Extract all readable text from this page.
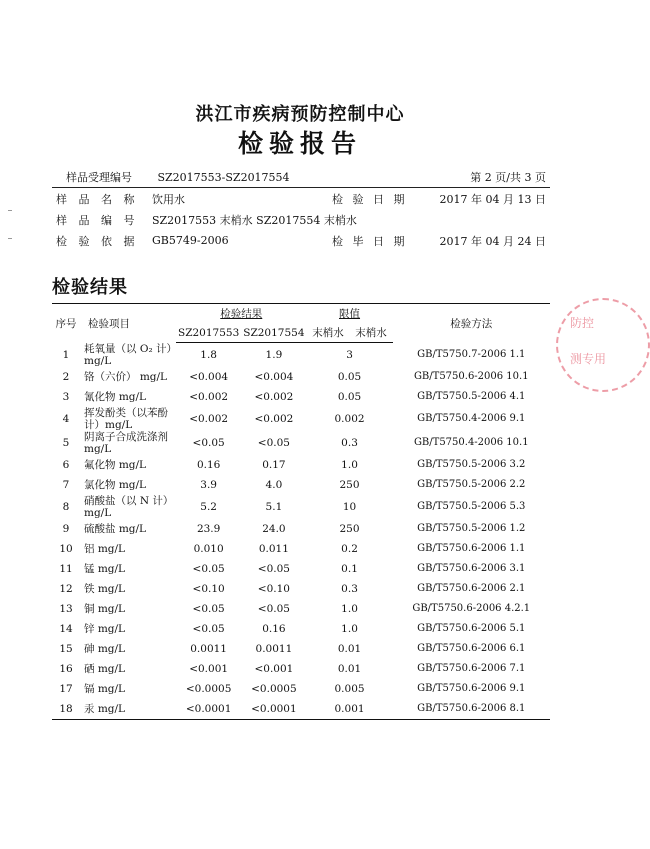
洪江市疾病预防控制中心
检验报告
样品受理编号 SZ2017553-SZ2017554		第 2 页/共 3 页	
样 品 名 称	饮用水	检 验 日 期	2017 年 04 月 13 日
样 品 编 号	SZ2017553 末梢水 SZ2017554 末梢水		
检 验 依 据	GB5749-2006	检 毕 日 期	2017 年 04 月 24 日
检验结果
序号	检验项目	检验结果		限值		检验方法
		SZ2017553	SZ2017554	末梢水	末梢水	
1	耗氧量（以 O₂ 计）mg/L	1.8	1.9	3		GB/T5750.7-2006 1.1
2	铬（六价） mg/L	<0.004	<0.004	0.05		GB/T5750.6-2006 10.1
3	氰化物 mg/L	<0.002	<0.002	0.05		GB/T5750.5-2006 4.1
4	挥发酚类（以苯酚计）mg/L	<0.002	<0.002	0.002		GB/T5750.4-2006 9.1
5	阴离子合成洗涤剂 mg/L	<0.05	<0.05	0.3		GB/T5750.4-2006 10.1
6	氟化物 mg/L	0.16	0.17	1.0		GB/T5750.5-2006 3.2
7	氯化物 mg/L	3.9	4.0	250		GB/T5750.5-2006 2.2
8	硝酸盐（以 N 计）mg/L	5.2	5.1	10		GB/T5750.5-2006 5.3
9	硫酸盐 mg/L	23.9	24.0	250		GB/T5750.5-2006 1.2
10	铝 mg/L	0.010	0.011	0.2		GB/T5750.6-2006 1.1
11	锰 mg/L	<0.05	<0.05	0.1		GB/T5750.6-2006 3.1
12	铁 mg/L	<0.10	<0.10	0.3		GB/T5750.6-2006 2.1
13	铜 mg/L	<0.05	<0.05	1.0		GB/T5750.6-2006 4.2.1
14	锌 mg/L	<0.05	0.16	1.0		GB/T5750.6-2006 5.1
15	砷 mg/L	0.0011	0.0011	0.01		GB/T5750.6-2006 6.1
16	硒 mg/L	<0.001	<0.001	0.01		GB/T5750.6-2006 7.1
17	镉 mg/L	<0.0005	<0.0005	0.005		GB/T5750.6-2006 9.1
18	汞 mg/L	<0.0001	<0.0001	0.001		GB/T5750.6-2006 8.1
防控
测专用
